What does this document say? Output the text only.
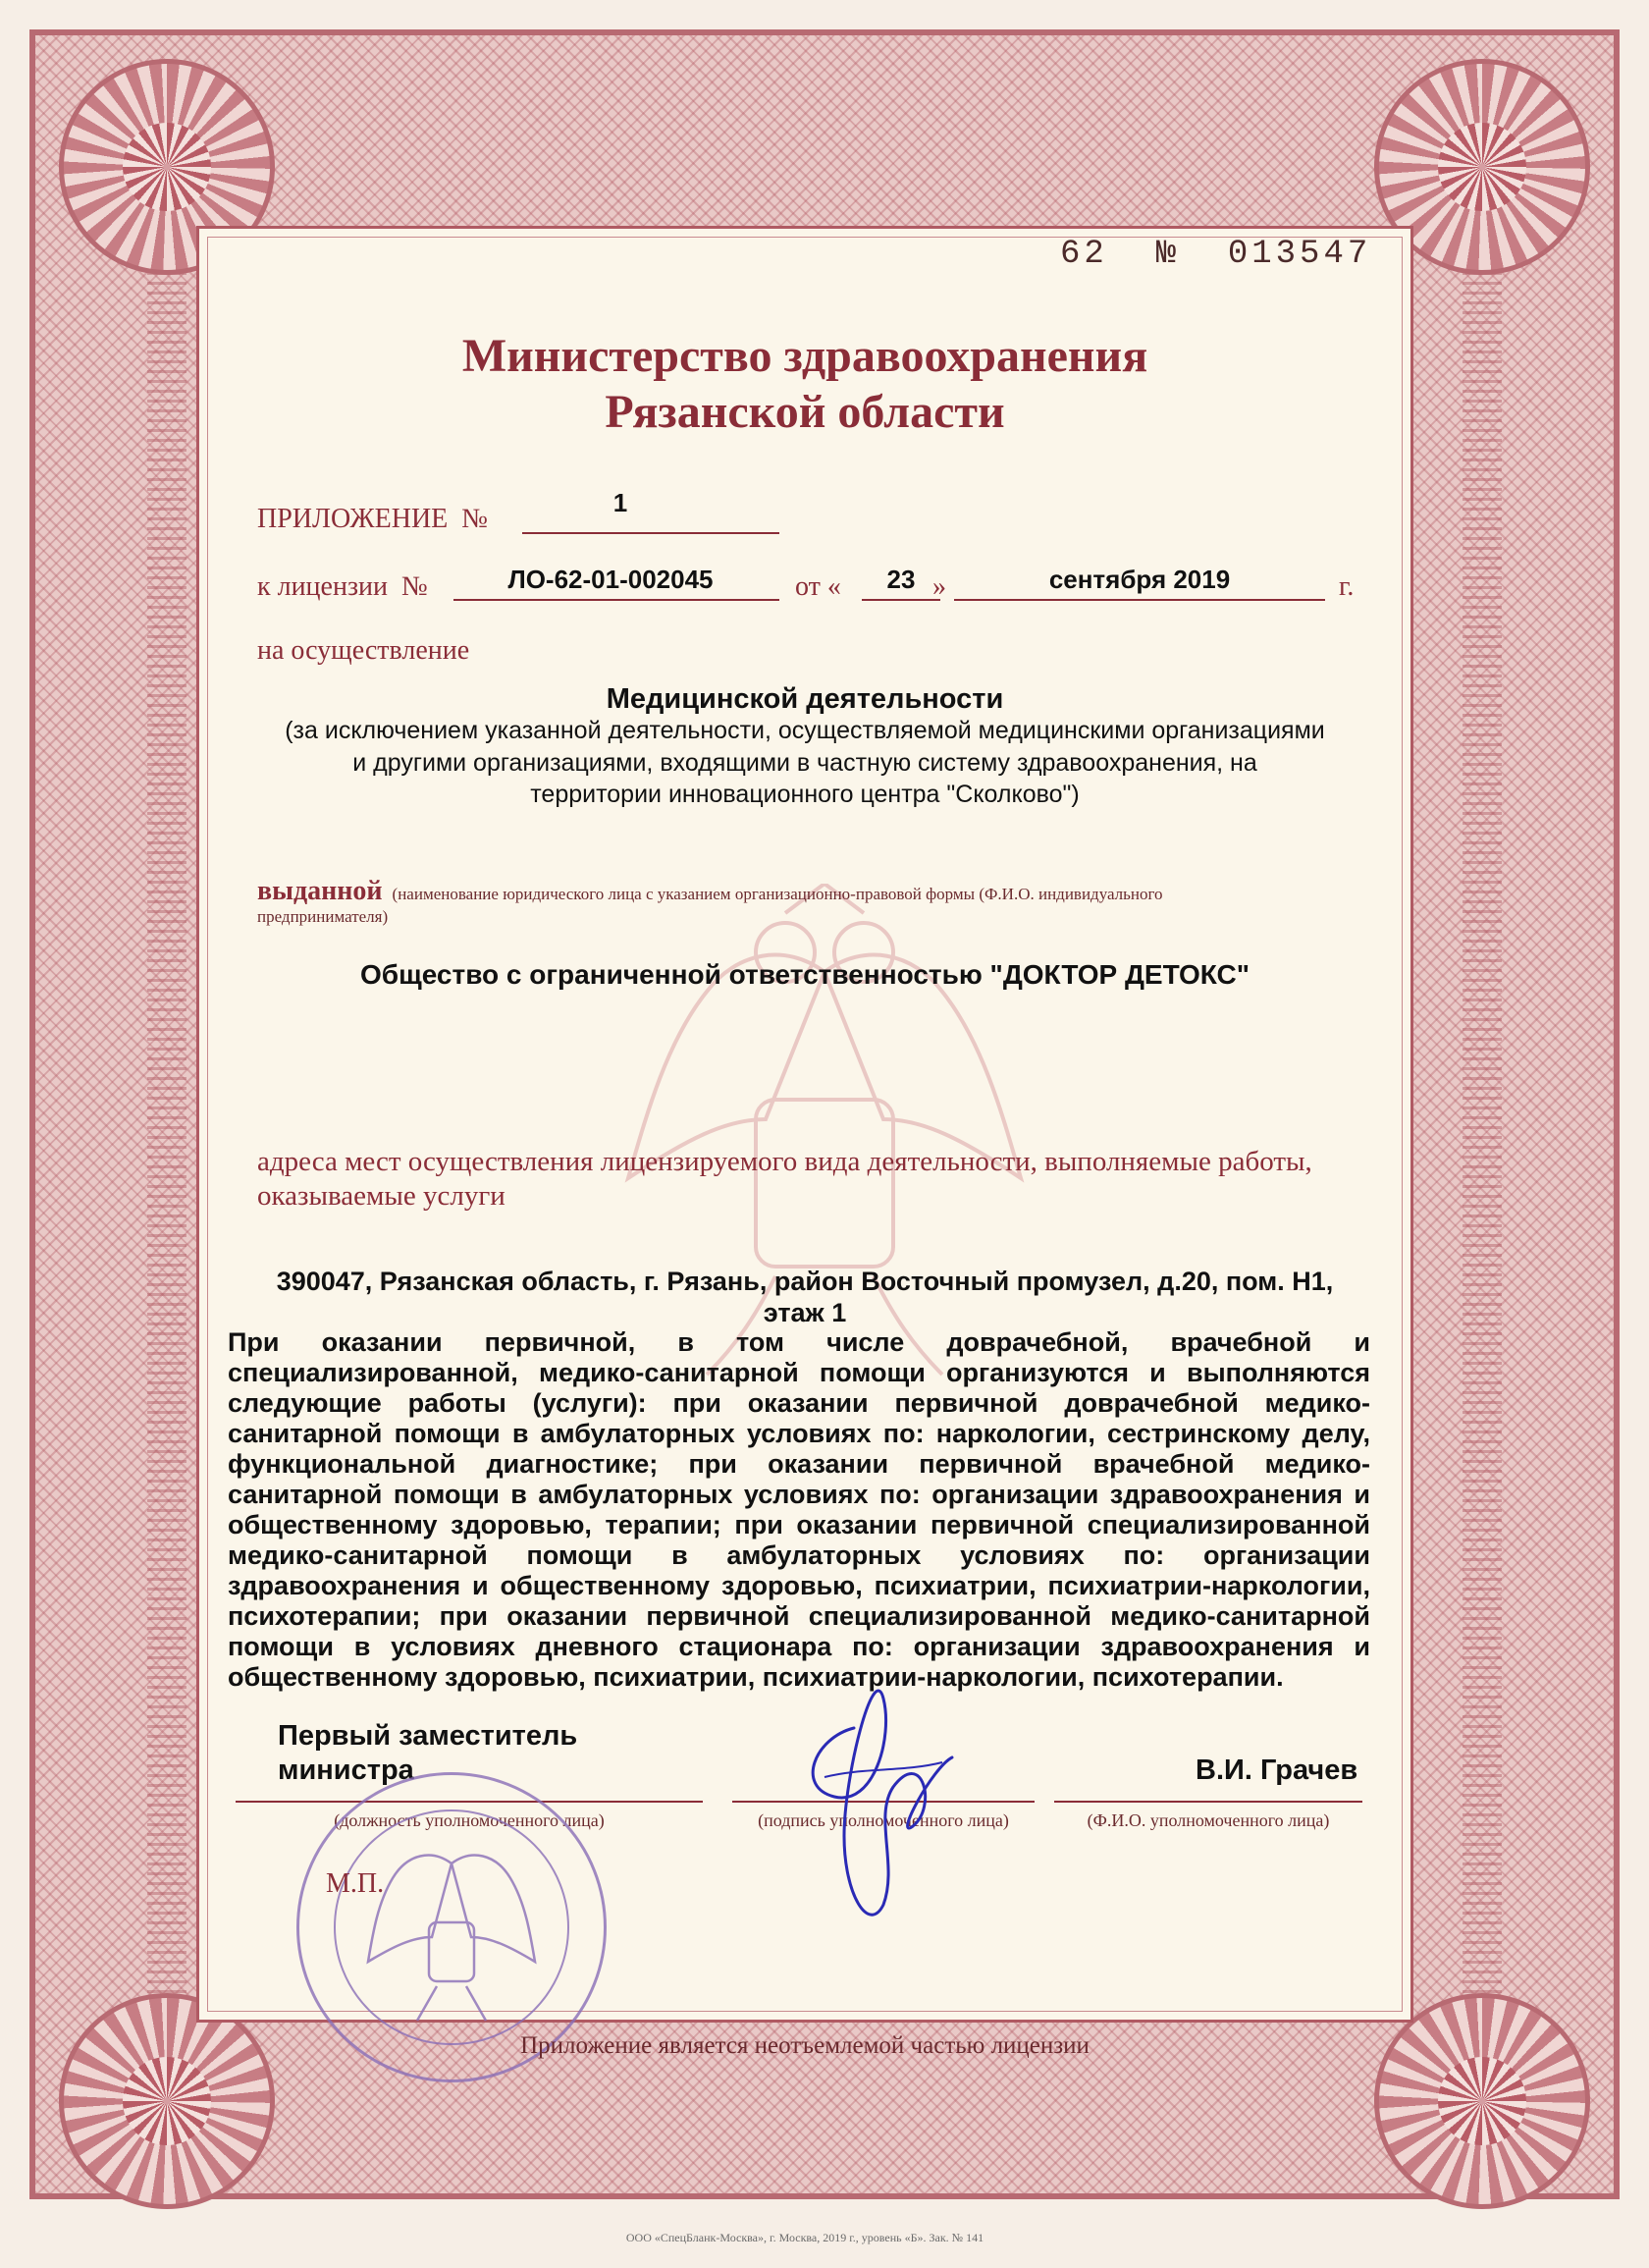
62 № 013547
Министерство здравоохранения
Рязанской области
ПРИЛОЖЕНИЕ №
1
к лицензии №	ЛО-62-01-002045	от «	23 »	сентября 2019	г.
на осуществление
Медицинской деятельности
(за исключением указанной деятельности, осуществляемой медицинскими организациями
и другими организациями, входящими в частную систему здравоохранения, на
территории инновационного центра "Сколково")
выданной (наименование юридического лица с указанием организационно-правовой формы (Ф.И.О. индивидуального
предпринимателя)
Общество с ограниченной ответственностью "ДОКТОР ДЕТОКС"
адреса мест осуществления лицензируемого вида деятельности, выполняемые работы,
оказываемые услуги
390047, Рязанская область, г. Рязань, район Восточный промузел, д.20, пом. Н1,
этаж 1
При оказании первичной, в том числе доврачебной, врачебной и специализированной, медико-санитарной помощи организуются и выполняются следующие работы (услуги): при оказании первичной доврачебной медико-санитарной помощи в амбулаторных условиях по: наркологии, сестринскому делу, функциональной диагностике; при оказании первичной врачебной медико-санитарной помощи в амбулаторных условиях по: организации здравоохранения и общественному здоровью, терапии; при оказании первичной специализированной медико-санитарной помощи в амбулаторных условиях по: организации здравоохранения и общественному здоровью, психиатрии, психиатрии-наркологии, психотерапии; при оказании первичной специализированной медико-санитарной помощи в условиях дневного стационара по: организации здравоохранения и общественному здоровью, психиатрии, психиатрии-наркологии, психотерапии.
Первый заместитель
министра	В.И. Грачев
(должность уполномоченного лица)	(подпись уполномоченного лица)	(Ф.И.О. уполномоченного лица)
М.П.
Приложение является неотъемлемой частью лицензии
ООО «СпецБланк-Москва», г. Москва, 2019 г., уровень «Б». Зак. № 141
